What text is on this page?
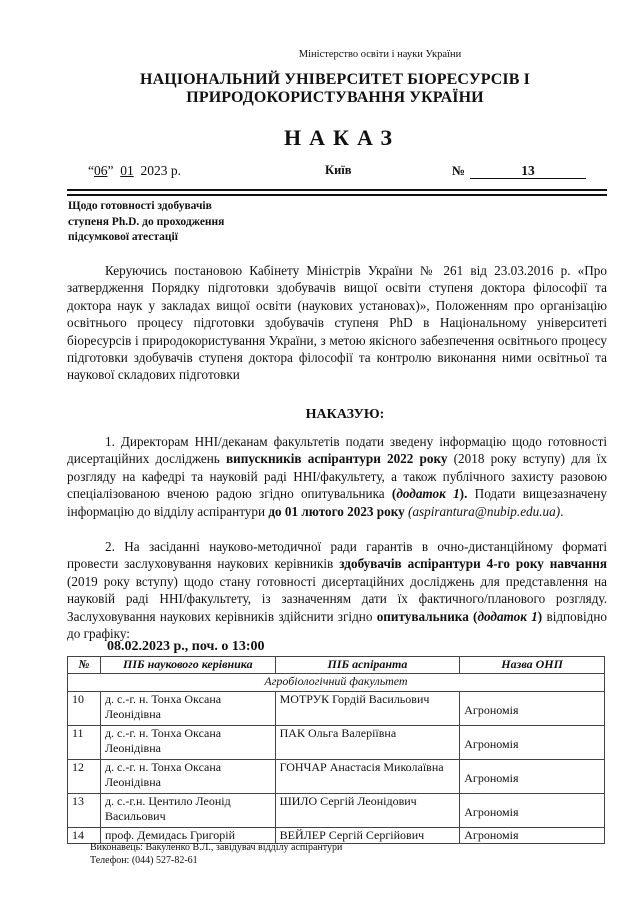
Міністерство освіти і науки України
НАЦІОНАЛЬНИЙ УНІВЕРСИТЕТ БІОРЕСУРСІВ І
ПРИРОДОКОРИСТУВАННЯ УКРАЇНИ
НАКАЗ
“06”  01 2023 р.	Київ	№	13
Щодо готовності здобувачів
ступеня Ph.D. до проходження
підсумкової атестації
Керуючись постановою Кабінету Міністрів України № 261 від 23.03.2016 р. «Про затвердження Порядку підготовки здобувачів вищої освіти ступеня доктора філософії та доктора наук у закладах вищої освіти (наукових установах)», Положенням про організацію освітнього процесу підготовки здобувачів ступеня PhD в Національному університеті біоресурсів і природокористування України, з метою якісного забезпечення освітнього процесу підготовки здобувачів ступеня доктора філософії та контролю виконання ними освітньої та наукової складових підготовки
НАКАЗУЮ:
1. Директорам ННІ/деканам факультетів подати зведену інформацію щодо готовності дисертаційних досліджень випускників аспірантури 2022 року (2018 року вступу) для їх розгляду на кафедрі та науковій раді ННІ/факультету, а також публічного захисту разовою спеціалізованою вченою радою згідно опитувальника (додаток 1). Подати вищезазначену інформацію до відділу аспірантури до 01 лютого 2023 року (aspirantura@nubip.edu.ua).
2. На засіданні науково-методичної ради гарантів в очно-дистанційному форматі провести заслуховування наукових керівників здобувачів аспірантури 4-го року навчання (2019 року вступу) щодо стану готовності дисертаційних досліджень для представлення на науковій раді ННІ/факультету, із зазначенням дати їх фактичного/планового розгляду. Заслуховування наукових керівників здійснити згідно опитувальника (додаток 1) відповідно до графіку:
08.02.2023 р., поч. о 13:00
№	ПІБ наукового керівника	ПІБ аспіранта	Назва ОНП
Агробіологічний факультет			
10	д. с.-г. н. Тонха Оксана Леонідівна	МОТРУК Гордій Васильович	Агрономія
11	д. с.-г. н. Тонха Оксана Леонідівна	ПАК Ольга Валеріївна	Агрономія
12	д. с.-г. н. Тонха Оксана Леонідівна	ГОНЧАР Анастасія Миколаївна	Агрономія
13	д. с.-г.н. Центило Леонід Васильович	ШИЛО Сергій Леонідович	Агрономія
14	проф. Демидась Григорій	ВЕЙЛЕР Сергій Сергійович	Агрономія
Виконавець: Вакуленко В.Л., завідувач відділу аспірантури
Телефон: (044) 527-82-61
